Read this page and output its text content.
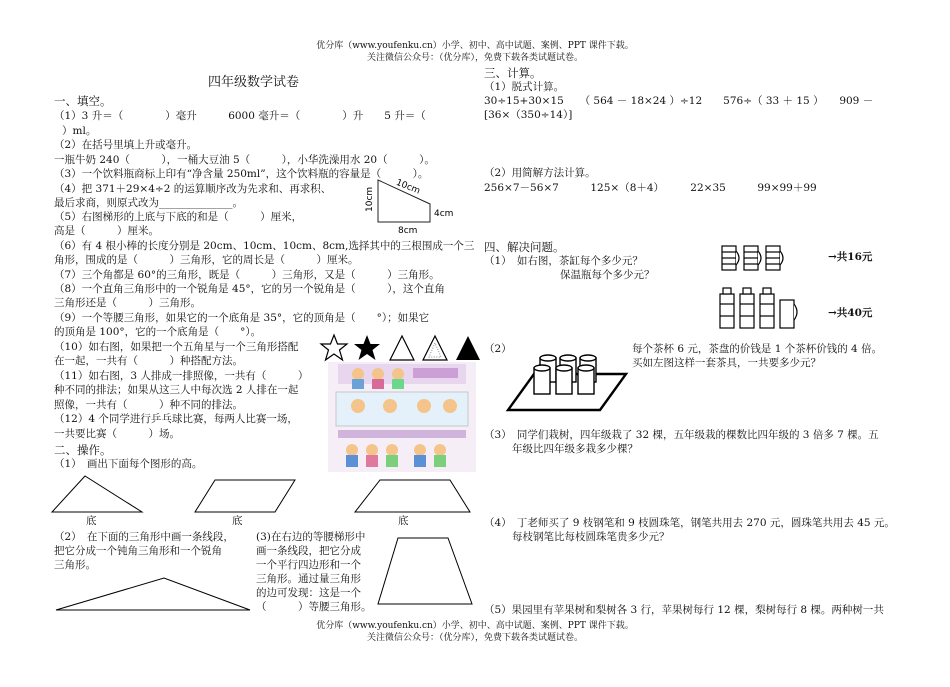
优分库（www.youfenku.cn）小学、初中、高中试题、案例、PPT 课件下载。
关注微信公众号：（优分库），免费下载各类试题试卷。
四年级数学试卷
一、填空。
（1）3 升＝（　　　　）毫升　　　6000 毫升＝（　　　　）升　　5 升＝（
）ml。
（2）在括号里填上升或毫升。
一瓶牛奶 240（　　　），一桶大豆油 5（　　　），小华洗澡用水 20（　　　）。
（3）一个饮料瓶商标上印有“净含量 250ml”，这个饮料瓶的容量是（　　　）。
（4）把 371＋29×4÷2 的运算顺序改为先求和、再求积、
最后求商，则原式改为______________。
（5）右图梯形的上底与下底的和是（　　　）厘米，
高是（　　　）厘米。
（6）有 4 根小棒的长度分别是 20cm、10cm、10cm、8cm,选择其中的三根围成一个三
角形，围成的是（　　　）三角形，它的周长是（　　　）厘米。
（7）三个角都是 60°的三角形，既是（　　　）三角形，又是（　　　）三角形。
（8）一个直角三角形中的一个锐角是 45°，它的另一个锐角是（　　　），这个直角
三角形还是（　　　）三角形。
（9）一个等腰三角形，如果它的一个底角是 35°，它的顶角是（　　°）；如果它
的顶角是 100°，它的一个底角是（　　°）。
（10）如右图，如果把一个五角星与一个三角形搭配
在一起，一共有（　　　）种搭配方法。
（11）如右图，3 人排成一排照像，一共有（　　　）
种不同的排法；如果从这三人中每次选 2 人排在一起
照像，一共有（　　　）种不同的排法。
（12）4 个同学进行乒乓球比赛，每两人比赛一场，
一共要比赛（　　　）场。
二、操作。
（1）　画出下面每个图形的高。
10cm
10cm
4cm
8cm
底	底	底
（2）　在下面的三角形中画一条线段，
把它分成一个钝角三角形和一个锐角
三角形。
(3)在右边的等腰梯形中
画一条线段，把它分成
一个平行四边形和一个
三角形。通过量三角形
的边可发现：这是一个
（　　　）等腰三角形。
三、计算。
（1）脱式计算。
30÷15+30×15　　（ 564 － 18×24 ）÷12　　576÷（ 33 ＋ 15 ）　　909 －
[36×（350÷14）]
（2）用简解方法计算。
256×7－56×7　　　125×（8＋4）　　　22×35　　　99×99＋99
四、解决问题。
（1）　如右图，茶缸每个多少元？
保温瓶每个多少元？
→共16元
→共40元
（2）	每个茶杯 6 元，茶盘的价钱是 1 个茶杯价钱的 4 倍。
买如左图这样一套茶具，一共要多少元？
（3）　同学们栽树，四年级栽了 32 棵，五年级栽的棵数比四年级的 3 倍多 7 棵。五
年级比四年级多栽多少棵？
（4）　丁老师买了 9 枝钢笔和 9 枝圆珠笔，钢笔共用去 270 元，圆珠笔共用去 45 元。
每枝钢笔比每枝圆珠笔贵多少元？
（5）果园里有苹果树和梨树各 3 行，苹果树每行 12 棵，梨树每行 8 棵。两种树一共
优分库（www.youfenku.cn）小学、初中、高中试题、案例、PPT 课件下载。
关注微信公众号：（优分库），免费下载各类试题试卷。
